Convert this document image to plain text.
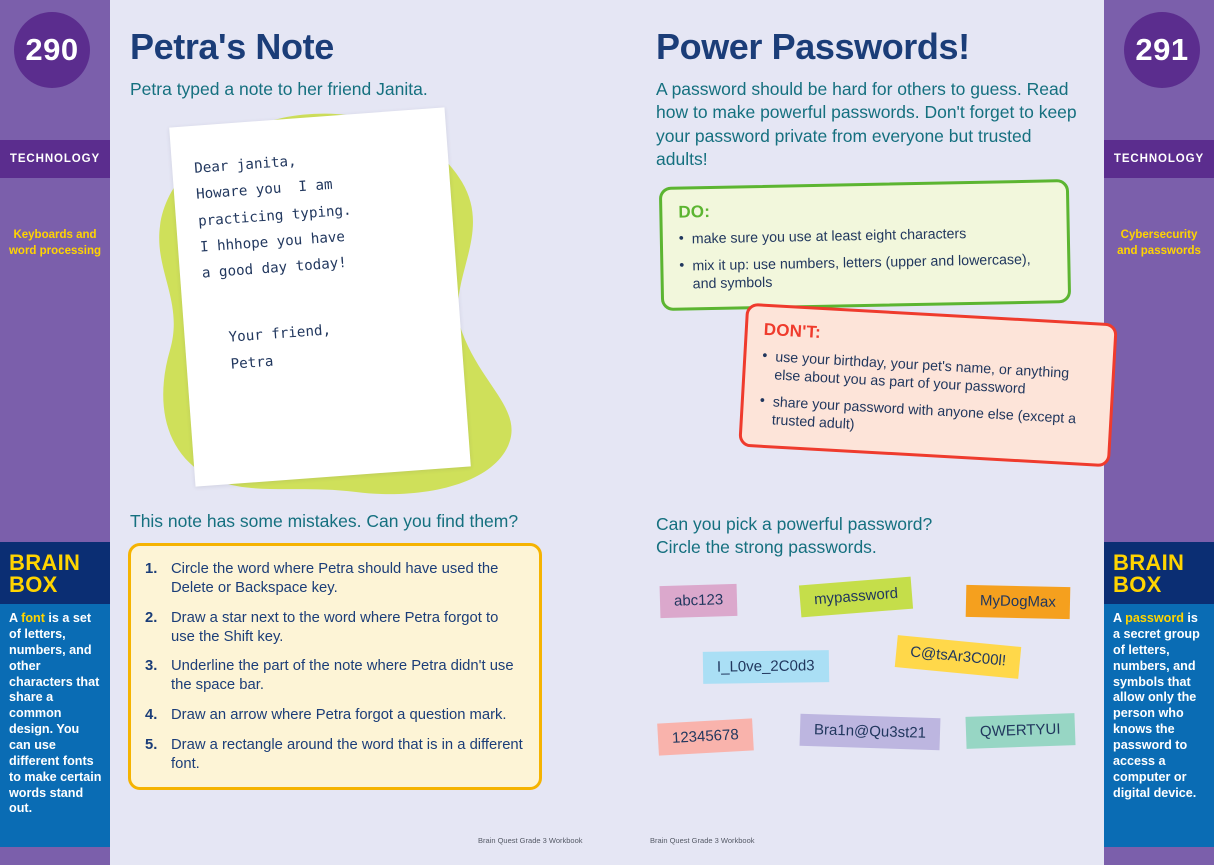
TECHNOLOGY
Keyboards and word processing
BRAIN
BOX
A font is a set of letters, numbers, and other characters that share a common design. You can use different fonts to make certain words stand out.
290
TECHNOLOGY
Cybersecurity and passwords
BRAIN
BOX
A password is a secret group of letters, numbers, and symbols that allow only the person who knows the password to access a computer or digital device.
291
Petra's Note

Petra typed a note to her friend Janita.

Dear janita,
Howare you  I am
practicing typing.
I hhhope you have
a good day today!
Your friend,
Petra

This note has some mistakes. Can you find them?

Circle the word where Petra should have used the Delete or Backspace key.
Draw a star next to the word where Petra forgot to use the Shift key.
Underline the part of the note where Petra didn't use the space bar.
Draw an arrow where Petra forgot a question mark.
Draw a rectangle around the word that is in a different font.
Power Passwords!

A password should be hard for others to guess. Read how to make powerful passwords. Don't forget to keep your password private from everyone but trusted adults!

DO:
• make sure you use at least eight characters
• mix it up: use numbers, letters (upper and lowercase), and symbols
DON'T:
• use your birthday, your pet's name, or anything else about you as part of your password
• share your password with anyone else (except a trusted adult)

Can you pick a powerful password?
Circle the strong passwords.

abc123	mypassword	MyDogMax
I_L0ve_2C0d3	C@tsAr3C00l!
12345678	Bra1n@Qu3st21	QWERTYUI
Brain Quest Grade 3 Workbook	Brain Quest Grade 3 Workbook
